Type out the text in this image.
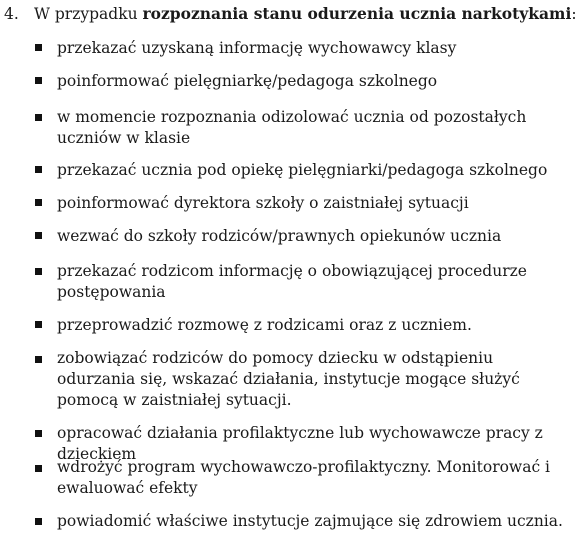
4. W przypadku rozpoznania stanu odurzenia ucznia narkotykami:
przekazać uzyskaną informację wychowawcy klasy
poinformować pielęgniarkę/pedagoga szkolnego
w momencie rozpoznania odizolować ucznia od pozostałych uczniów w klasie
przekazać ucznia pod opiekę pielęgniarki/pedagoga szkolnego
poinformować dyrektora szkoły o zaistniałej sytuacji
wezwać do szkoły rodziców/prawnych opiekunów ucznia
przekazać rodzicom informację o obowiązującej procedurze postępowania
przeprowadzić rozmowę z rodzicami oraz z uczniem.
zobowiązać rodziców do pomocy dziecku w odstąpieniu odurzania się, wskazać działania, instytucje mogące służyć pomocą w zaistniałej sytuacji.
opracować działania profilaktyczne lub wychowawcze pracy z dzieckiem
wdrożyć program wychowawczo-profilaktyczny. Monitorować i ewaluować efekty
powiadomić właściwe instytucje zajmujące się zdrowiem ucznia.
